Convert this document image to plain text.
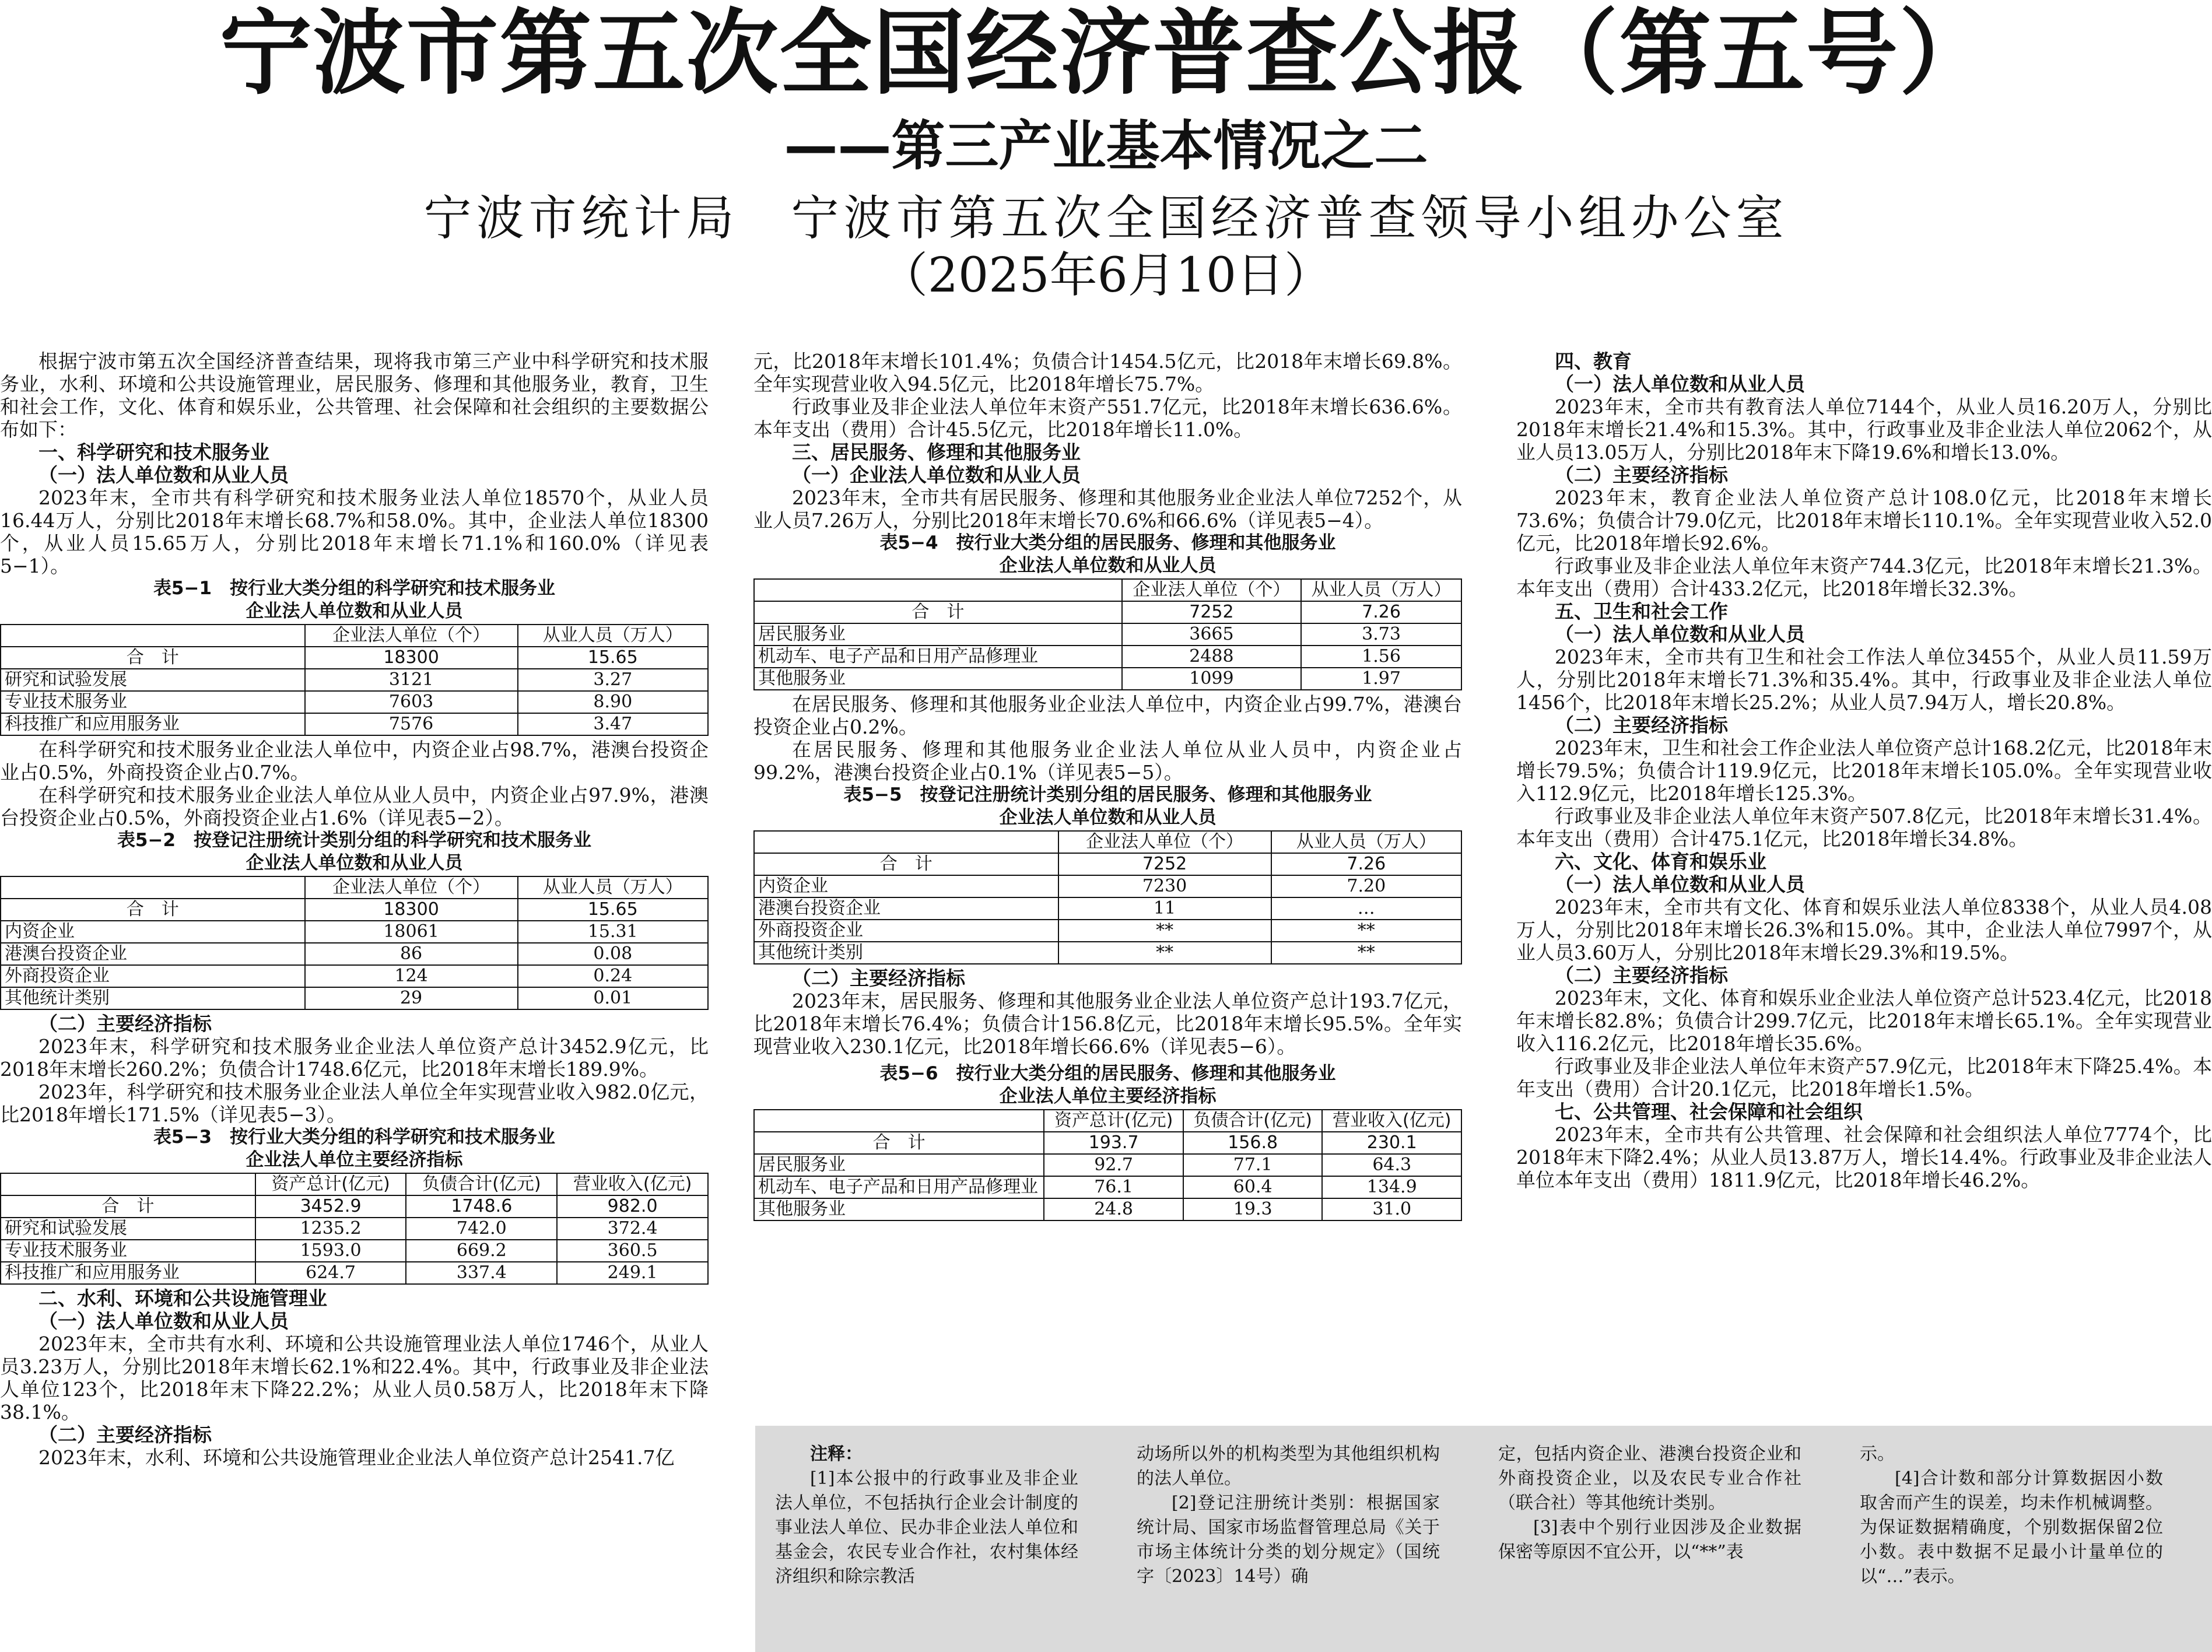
宁波市第五次全国经济普查公报（第五号）
——第三产业基本情况之二
宁波市统计局　宁波市第五次全国经济普查领导小组办公室
（2025年6月10日）

根据宁波市第五次全国经济普查结果，现将我市第三产业中科学研究和技术服务业，水利、环境和公共设施管理业，居民服务、修理和其他服务业，教育，卫生和社会工作，文化、体育和娱乐业，公共管理、社会保障和社会组织的主要数据公布如下：

一、科学研究和技术服务业

（一）法人单位数和从业人员

2023年末，全市共有科学研究和技术服务业法人单位18570个，从业人员16.44万人，分别比2018年末增长68.7%和58.0%。其中，企业法人单位18300个，从业人员15.65万人，分别比2018年末增长71.1%和160.0%（详见表5−1）。

表5−1　按行业大类分组的科学研究和技术服务业

企业法人单位数和从业人员

	企业法人单位（个）	从业人员（万人）
合　计	18300	15.65
研究和试验发展	3121	3.27
专业技术服务业	7603	8.90
科技推广和应用服务业	7576	3.47

在科学研究和技术服务业企业法人单位中，内资企业占98.7%，港澳台投资企业占0.5%，外商投资企业占0.7%。

在科学研究和技术服务业企业法人单位从业人员中，内资企业占97.9%，港澳台投资企业占0.5%，外商投资企业占1.6%（详见表5−2）。

表5−2　按登记注册统计类别分组的科学研究和技术服务业

企业法人单位数和从业人员

	企业法人单位（个）	从业人员（万人）
合　计	18300	15.65
内资企业	18061	15.31
港澳台投资企业	86	0.08
外商投资企业	124	0.24
其他统计类别	29	0.01

（二）主要经济指标

2023年末，科学研究和技术服务业企业法人单位资产总计3452.9亿元，比2018年末增长260.2%；负债合计1748.6亿元，比2018年末增长189.9%。

2023年，科学研究和技术服务业企业法人单位全年实现营业收入982.0亿元，比2018年增长171.5%（详见表5−3）。

表5−3　按行业大类分组的科学研究和技术服务业

企业法人单位主要经济指标

	资产总计(亿元)	负债合计(亿元)	营业收入(亿元)
合　计	3452.9	1748.6	982.0
研究和试验发展	1235.2	742.0	372.4
专业技术服务业	1593.0	669.2	360.5
科技推广和应用服务业	624.7	337.4	249.1

二、水利、环境和公共设施管理业

（一）法人单位数和从业人员

2023年末，全市共有水利、环境和公共设施管理业法人单位1746个，从业人员3.23万人，分别比2018年末增长62.1%和22.4%。其中，行政事业及非企业法人单位123个，比2018年末下降22.2%；从业人员0.58万人，比2018年末下降38.1%。

（二）主要经济指标

2023年末，水利、环境和公共设施管理业企业法人单位资产总计2541.7亿

元，比2018年末增长101.4%；负债合计1454.5亿元，比2018年末增长69.8%。全年实现营业收入94.5亿元，比2018年增长75.7%。

行政事业及非企业法人单位年末资产551.7亿元，比2018年末增长636.6%。本年支出（费用）合计45.5亿元，比2018年增长11.0%。

三、居民服务、修理和其他服务业

（一）企业法人单位数和从业人员

2023年末，全市共有居民服务、修理和其他服务业企业法人单位7252个，从业人员7.26万人，分别比2018年末增长70.6%和66.6%（详见表5−4）。

表5−4　按行业大类分组的居民服务、修理和其他服务业

企业法人单位数和从业人员

	企业法人单位（个）	从业人员（万人）
合　计	7252	7.26
居民服务业	3665	3.73
机动车、电子产品和日用产品修理业	2488	1.56
其他服务业	1099	1.97

在居民服务、修理和其他服务业企业法人单位中，内资企业占99.7%，港澳台投资企业占0.2%。

在居民服务、修理和其他服务业企业法人单位从业人员中，内资企业占99.2%，港澳台投资企业占0.1%（详见表5−5）。

表5−5　按登记注册统计类别分组的居民服务、修理和其他服务业

企业法人单位数和从业人员

	企业法人单位（个）	从业人员（万人）
合　计	7252	7.26
内资企业	7230	7.20
港澳台投资企业	11	…
外商投资企业	**	**
其他统计类别	**	**

（二）主要经济指标

2023年末，居民服务、修理和其他服务业企业法人单位资产总计193.7亿元，比2018年末增长76.4%；负债合计156.8亿元，比2018年末增长95.5%。全年实现营业收入230.1亿元，比2018年增长66.6%（详见表5−6）。

表5−6　按行业大类分组的居民服务、修理和其他服务业

企业法人单位主要经济指标

	资产总计(亿元)	负债合计(亿元)	营业收入(亿元)
合　计	193.7	156.8	230.1
居民服务业	92.7	77.1	64.3
机动车、电子产品和日用产品修理业	76.1	60.4	134.9
其他服务业	24.8	19.3	31.0

四、教育

（一）法人单位数和从业人员

2023年末，全市共有教育法人单位7144个，从业人员16.20万人，分别比2018年末增长21.4%和15.3%。其中，行政事业及非企业法人单位2062个，从业人员13.05万人，分别比2018年末下降19.6%和增长13.0%。

（二）主要经济指标

2023年末，教育企业法人单位资产总计108.0亿元，比2018年末增长73.6%；负债合计79.0亿元，比2018年末增长110.1%。全年实现营业收入52.0亿元，比2018年增长92.6%。

行政事业及非企业法人单位年末资产744.3亿元，比2018年末增长21.3%。本年支出（费用）合计433.2亿元，比2018年增长32.3%。

五、卫生和社会工作

（一）法人单位数和从业人员

2023年末，全市共有卫生和社会工作法人单位3455个，从业人员11.59万人，分别比2018年末增长71.3%和35.4%。其中，行政事业及非企业法人单位1456个，比2018年末增长25.2%；从业人员7.94万人，增长20.8%。

（二）主要经济指标

2023年末，卫生和社会工作企业法人单位资产总计168.2亿元，比2018年末增长79.5%；负债合计119.9亿元，比2018年末增长105.0%。全年实现营业收入112.9亿元，比2018年增长125.3%。

行政事业及非企业法人单位年末资产507.8亿元，比2018年末增长31.4%。本年支出（费用）合计475.1亿元，比2018年增长34.8%。

六、文化、体育和娱乐业

（一）法人单位数和从业人员

2023年末，全市共有文化、体育和娱乐业法人单位8338个，从业人员4.08万人，分别比2018年末增长26.3%和15.0%。其中，企业法人单位7997个，从业人员3.60万人，分别比2018年末增长29.3%和19.5%。

（二）主要经济指标

2023年末，文化、体育和娱乐业企业法人单位资产总计523.4亿元，比2018年末增长82.8%；负债合计299.7亿元，比2018年末增长65.1%。全年实现营业收入116.2亿元，比2018年增长35.6%。

行政事业及非企业法人单位年末资产57.9亿元，比2018年末下降25.4%。本年支出（费用）合计20.1亿元，比2018年增长1.5%。

七、公共管理、社会保障和社会组织

2023年末，全市共有公共管理、社会保障和社会组织法人单位7774个，比2018年末下降2.4%；从业人员13.87万人，增长14.4%。行政事业及非企业法人单位本年支出（费用）1811.9亿元，比2018年增长46.2%。

注释：

[1]本公报中的行政事业及非企业法人单位，不包括执行企业会计制度的事业法人单位、民办非企业法人单位和基金会，农民专业合作社，农村集体经济组织和除宗教活

动场所以外的机构类型为其他组织机构的法人单位。

[2]登记注册统计类别：根据国家统计局、国家市场监督管理总局《关于市场主体统计分类的划分规定》（国统字〔2023〕14号）确

定，包括内资企业、港澳台投资企业和外商投资企业，以及农民专业合作社（联合社）等其他统计类别。

[3]表中个别行业因涉及企业数据保密等原因不宜公开，以“**”表

示。

[4]合计数和部分计算数据因小数取舍而产生的误差，均未作机械调整。为保证数据精确度，个别数据保留2位小数。表中数据不足最小计量单位的以“…”表示。
